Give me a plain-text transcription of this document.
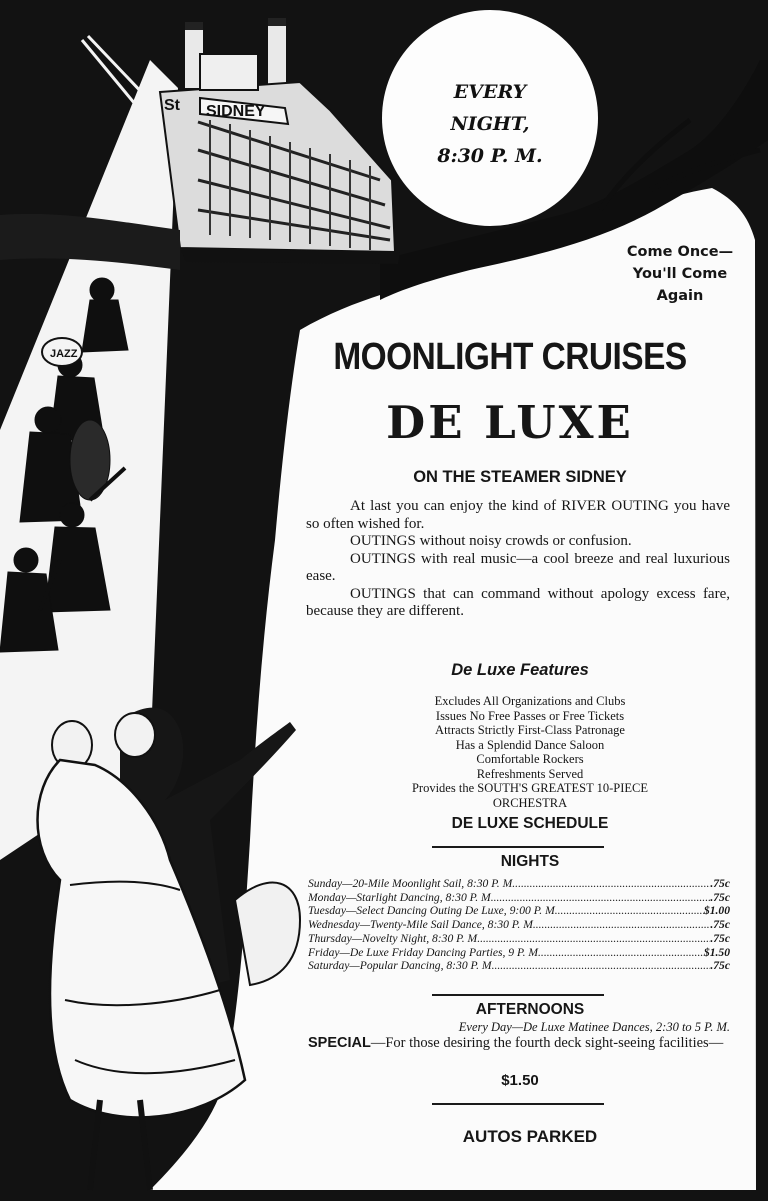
SIDNEY
St
JAZZ
EVERY
NIGHT,
8:30 P. M.
Come Once—
You'll Come
Again
MOONLIGHT CRUISES
DE LUXE
ON THE STEAMER SIDNEY

At last you can enjoy the kind of RIVER OUTING you have so often wished for.

OUTINGS without noisy crowds or confusion.

OUTINGS with real music—a cool breeze and real luxurious ease.

OUTINGS that can command without apology excess fare, because they are different.

De Luxe Features
Excludes All Organizations and Clubs
Issues No Free Passes or Free Tickets
Attracts Strictly First-Class Patronage
Has a Splendid Dance Saloon
Comfortable Rockers
Refreshments Served
Provides the SOUTH'S GREATEST 10-PIECE
ORCHESTRA
DE LUXE SCHEDULE
NIGHTS
Sunday—20-Mile Moonlight Sail, 8:30 P. M. .....	.75c
Monday—Starlight Dancing, 8:30 P. M .....	.75c
Tuesday—Select Dancing Outing De Luxe, 9:00 P. M. .....	$1.00
Wednesday—Twenty-Mile Sail Dance, 8:30 P. M .....	.75c
Thursday—Novelty Night, 8:30 P. M .....	.75c
Friday—De Luxe Friday Dancing Parties, 9 P. M .....	$1.50
Saturday—Popular Dancing, 8:30 P. M .....	.75c
AFTERNOONS
Every Day—De Luxe Matinee Dances, 2:30 to 5 P. M.
SPECIAL—For those desiring the fourth deck sight-seeing facilities—
$1.50
AUTOS PARKED
